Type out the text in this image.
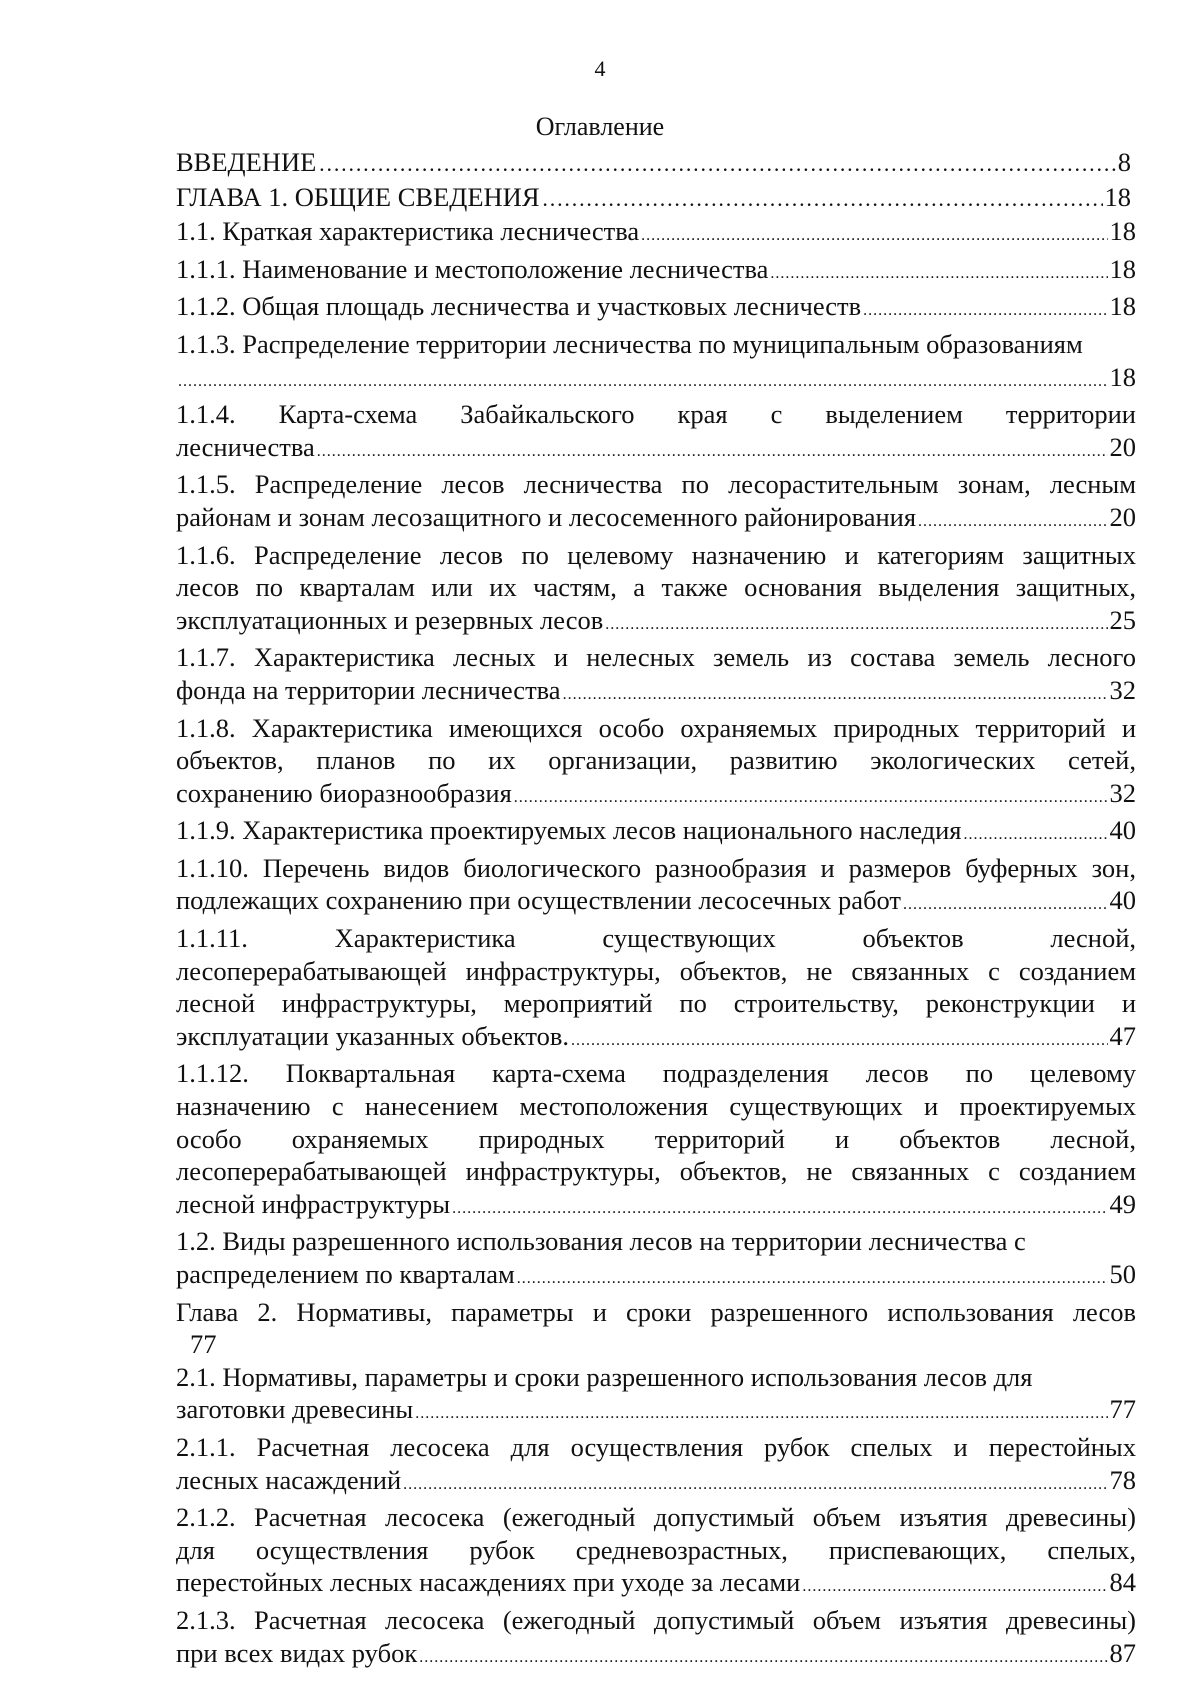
4
Оглавление
ВВЕДЕНИЕ …………………………………………………………………………………………………………………………………………………………………………………	8
ГЛАВА 1. ОБЩИЕ СВЕДЕНИЯ …………………………………………………………………………………………………………………………………………………………………………………	18
1.1. Краткая характеристика лесничества .....	18
1.1.1. Наименование и местоположение лесничества .....	18
1.1.2. Общая площадь лесничества и участковых лесничеств .....	18
1.1.3. Распределение территории лесничества по муниципальным образованиям
.....
18
1.1.4. Карта-схема Забайкальского края с выделением территории
лесничества .....	20
1.1.5. Распределение лесов лесничества по лесорастительным зонам, лесным
районам и зонам лесозащитного и лесосеменного районирования .....	20
1.1.6. Распределение лесов по целевому назначению и категориям защитных
лесов по кварталам или их частям, а также основания выделения защитных,
эксплуатационных и резервных лесов .....	25
1.1.7. Характеристика лесных и нелесных земель из состава земель лесного
фонда на территории лесничества .....	32
1.1.8. Характеристика имеющихся особо охраняемых природных территорий и
объектов, планов по их организации, развитию экологических сетей,
сохранению биоразнообразия .....	32
1.1.9. Характеристика проектируемых лесов национального наследия .....	40
1.1.10. Перечень видов биологического разнообразия и размеров буферных зон,
подлежащих сохранению при осуществлении лесосечных работ .....	40
1.1.11. Характеристика существующих объектов лесной,
лесоперерабатывающей инфраструктуры, объектов, не связанных с созданием
лесной инфраструктуры, мероприятий по строительству, реконструкции и
эксплуатации указанных объектов. .....	47
1.1.12. Поквартальная карта-схема подразделения лесов по целевому
назначению с нанесением местоположения существующих и проектируемых
особо охраняемых природных территорий и объектов лесной,
лесоперерабатывающей инфраструктуры, объектов, не связанных с созданием
лесной инфраструктуры .....	49
1.2. Виды разрешенного использования лесов на территории лесничества с
распределением по кварталам .....	50
Глава 2. Нормативы, параметры и сроки разрешенного использования лесов
77
2.1. Нормативы, параметры и сроки разрешенного использования лесов для
заготовки древесины .....	77
2.1.1. Расчетная лесосека для осуществления рубок спелых и перестойных
лесных насаждений .....	78
2.1.2. Расчетная лесосека (ежегодный допустимый объем изъятия древесины)
для осуществления рубок средневозрастных, приспевающих, спелых,
перестойных лесных насаждениях при уходе за лесами .....	84
2.1.3. Расчетная лесосека (ежегодный допустимый объем изъятия древесины)
при всех видах рубок .....	87
